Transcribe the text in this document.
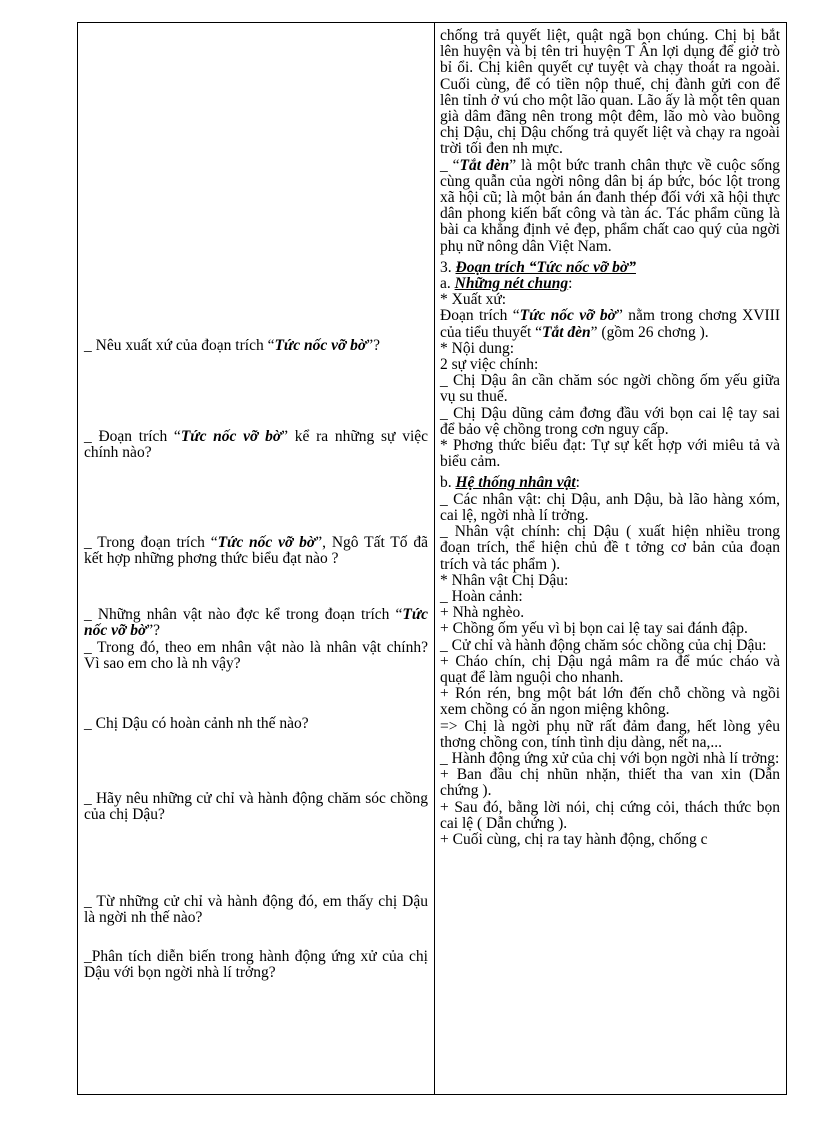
_ Nêu xuất xứ của đoạn trích “Tức nốc vỡ bờ”?
_ Đoạn trích “Tức nốc vỡ bờ” kể ra những sự việc chính nào?
_ Trong đoạn trích “Tức nốc vỡ bờ”, Ngô Tất Tố đã kết hợp những phơng thức biểu đạt nào ?
_ Những nhân vật nào đợc kể trong đoạn trích “Tức nốc vỡ bờ”?
_ Trong đó, theo em nhân vật nào là nhân vật chính? Vì sao em cho là nh vậy?
_ Chị Dậu có hoàn cảnh nh thế nào?
_ Hãy nêu những cử chỉ và hành động chăm sóc chồng của chị Dậu?
_ Từ những cử chỉ và hành động đó, em thấy chị Dậu là ngời nh thế nào?
_Phân tích diễn biến trong hành động ứng xử của chị Dậu với bọn ngời nhà lí trởng?

chống trả quyết liệt, quật ngã bọn chúng. Chị bị bắt lên huyện và bị tên tri huyện T Ân lợi dụng để giở trò bỉ ổi. Chị kiên quyết cự tuyệt và chạy thoát ra ngoài. Cuối cùng, để có tiền nộp thuế, chị đành gửi con để lên tỉnh ở vú cho một lão quan. Lão ấy là một tên quan già dâm đãng nên trong một đêm, lão mò vào buồng chị Dậu, chị Dậu chống trả quyết liệt và chạy ra ngoài trời tối đen nh mực.

_ “Tắt đèn” là một bức tranh chân thực về cuộc sống cùng quẫn của ngời nông dân bị áp bức, bóc lột trong xã hội cũ; là một bản án đanh thép đối với xã hội thực dân phong kiến bất công và tàn ác. Tác phẩm cũng là bài ca khẳng định vẻ đẹp, phẩm chất cao quý của ngời phụ nữ nông dân Việt Nam.

3. Đoạn trích “Tức nốc vỡ bờ”

a. Những nét chung:

* Xuất xứ:

Đoạn trích “Tức nốc vỡ bờ” nằm trong chơng XVIII của tiểu thuyết “Tắt đèn” (gồm 26 chơng ).

* Nội dung:

2 sự việc chính:

_ Chị Dậu ân cần chăm sóc ngời chồng ốm yếu giữa vụ su thuế.

_ Chị Dậu dũng cảm đơng đầu với bọn cai lệ tay sai để bảo vệ chồng trong cơn nguy cấp.

* Phơng thức biểu đạt: Tự sự kết hợp với miêu tả và biểu cảm.

b. Hệ thống nhân vật:

_ Các nhân vật: chị Dậu, anh Dậu, bà lão hàng xóm, cai lệ, ngời nhà lí trởng.

_ Nhân vật chính: chị Dậu ( xuất hiện nhiều trong đoạn trích, thể hiện chủ đề t tởng cơ bản của đoạn trích và tác phẩm ).

* Nhân vật Chị Dậu:

_ Hoàn cảnh:

+ Nhà nghèo.

+ Chồng ốm yếu vì bị bọn cai lệ tay sai đánh đập.

_ Cử chỉ và hành động chăm sóc chồng của chị Dậu:

+ Cháo chín, chị Dậu ngả mâm ra để múc cháo và quạt để làm nguội cho nhanh.

+ Rón rén, bng một bát lớn đến chỗ chồng và ngồi xem chồng có ăn ngon miệng không.

=> Chị là ngời phụ nữ rất đảm đang, hết lòng yêu thơng chồng con, tính tình dịu dàng, nết na,...

_ Hành động ứng xử của chị với bọn ngời nhà lí trởng:

+ Ban đầu chị nhũn nhặn, thiết tha van xin (Dẫn chứng ).

+ Sau đó, bằng lời nói, chị cứng cỏi, thách thức bọn cai lệ ( Dẫn chứng ).

+ Cuối cùng, chị ra tay hành động, chống c
